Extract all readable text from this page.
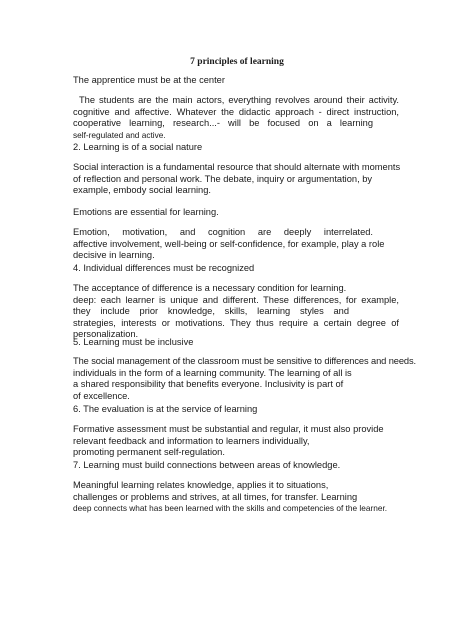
7 principles of learning
The apprentice must be at the center
The students are the main actors, everything revolves around their activity.
cognitive and affective. Whatever the didactic approach - direct instruction,
cooperative learning, research...- will be focused on a learning
self-regulated and active.
2. Learning is of a social nature
Social interaction is a fundamental resource that should alternate with moments
of reflection and personal work. The debate, inquiry or argumentation, by
example, embody social learning.
Emotions are essential for learning.
Emotion, motivation, and cognition are deeply interrelated.
affective involvement, well-being or self-confidence, for example, play a role
decisive in learning.
4. Individual differences must be recognized
The acceptance of difference is a necessary condition for learning.
deep: each learner is unique and different. These differences, for example,
they include prior knowledge, skills, learning styles and
strategies, interests or motivations. They thus require a certain degree of
personalization.
5. Learning must be inclusive
The social management of the classroom must be sensitive to differences and needs.
individuals in the form of a learning community. The learning of all is
a shared responsibility that benefits everyone. Inclusivity is part of
of excellence.
6. The evaluation is at the service of learning
Formative assessment must be substantial and regular, it must also provide
relevant feedback and information to learners individually,
promoting permanent self-regulation.
7. Learning must build connections between areas of knowledge.
Meaningful learning relates knowledge, applies it to situations,
challenges or problems and strives, at all times, for transfer. Learning
deep connects what has been learned with the skills and competencies of the learner.
